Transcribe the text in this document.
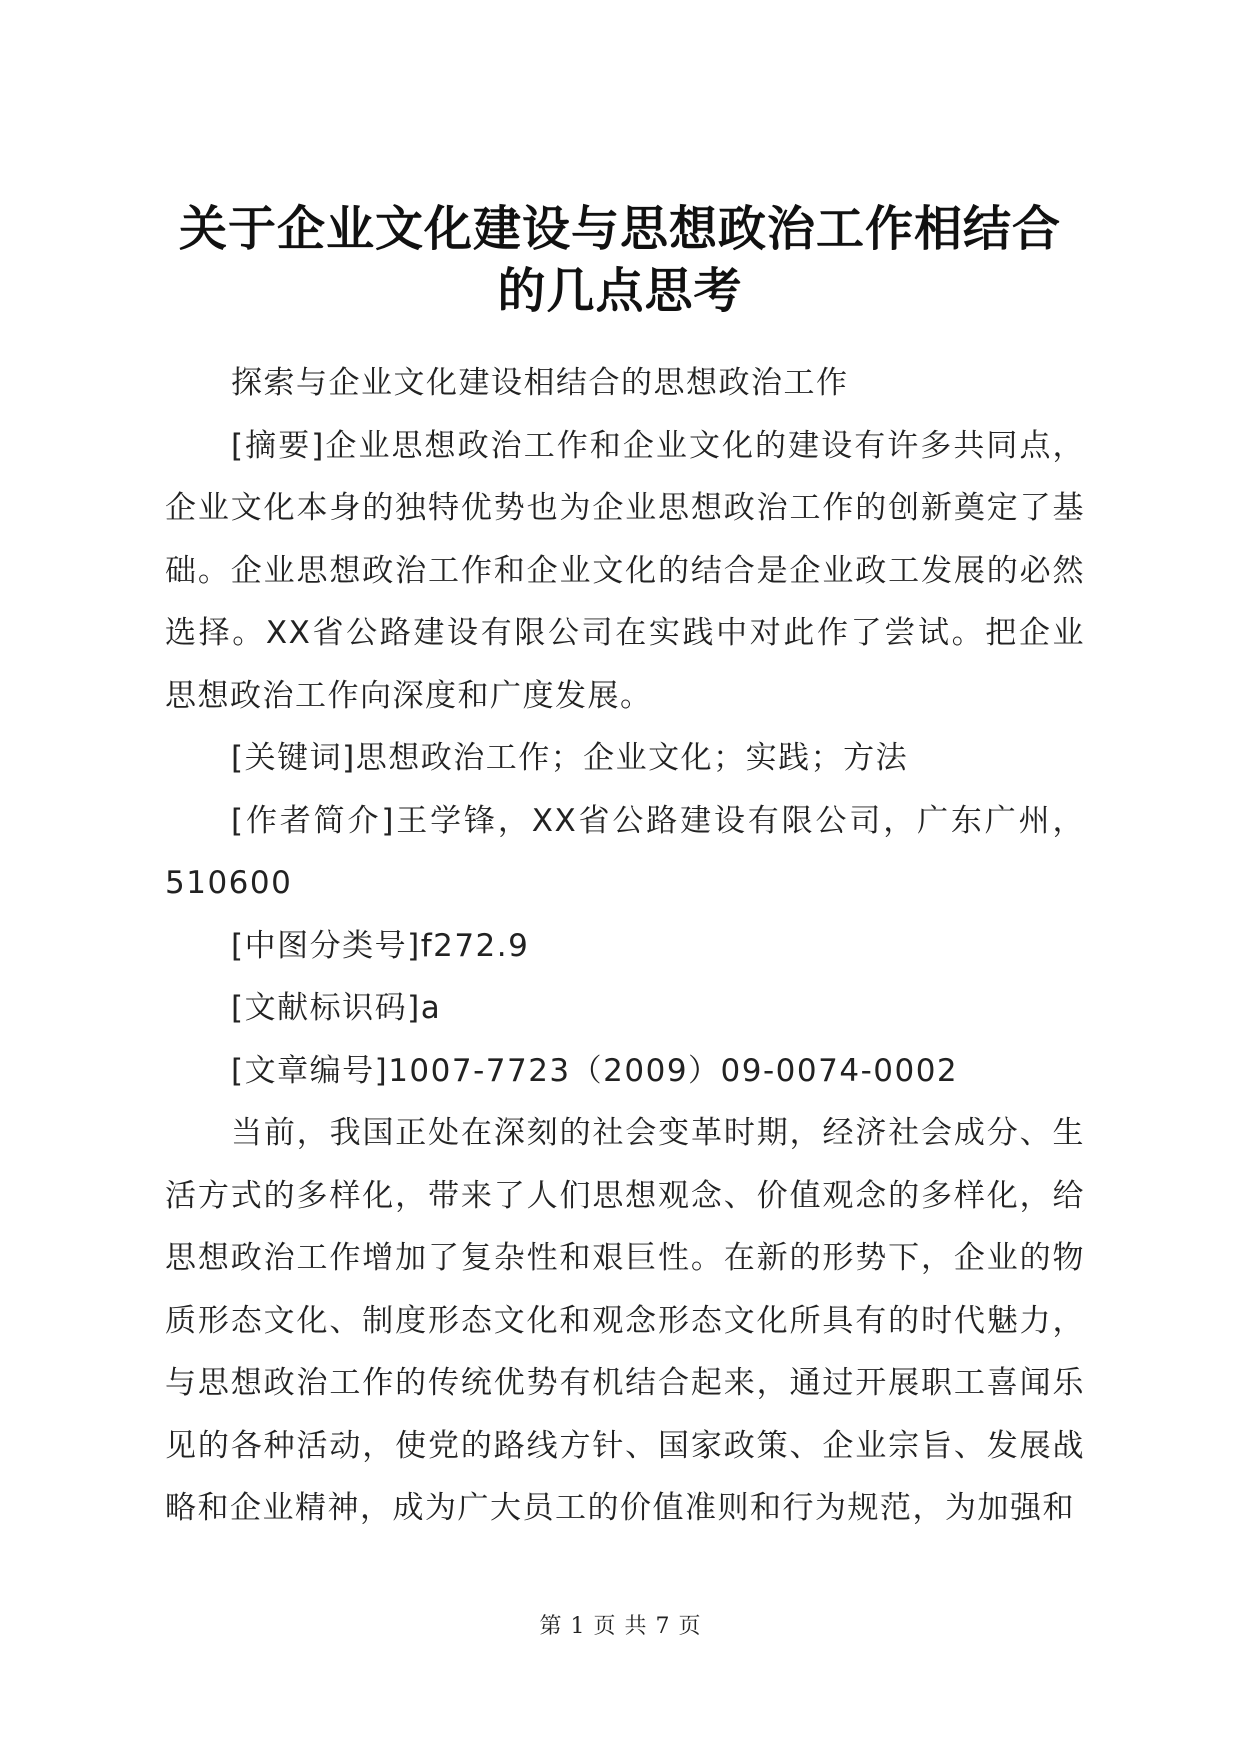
关于企业文化建设与思想政治工作相结合的几点思考

探索与企业文化建设相结合的思想政治工作

[摘要]企业思想政治工作和企业文化的建设有许多共同点，企业文化本身的独特优势也为企业思想政治工作的创新奠定了基础。企业思想政治工作和企业文化的结合是企业政工发展的必然选择。XX省公路建设有限公司在实践中对此作了尝试。把企业思想政治工作向深度和广度发展。

[关键词]思想政治工作；企业文化；实践；方法

[作者简介]王学锋，XX省公路建设有限公司，广东广州，510600

[中图分类号]f272.9

[文献标识码]a

[文章编号]1007-7723（2009）09-0074-0002

当前，我国正处在深刻的社会变革时期，经济社会成分、生活方式的多样化，带来了人们思想观念、价值观念的多样化，给思想政治工作增加了复杂性和艰巨性。在新的形势下，企业的物质形态文化、制度形态文化和观念形态文化所具有的时代魅力，与思想政治工作的传统优势有机结合起来，通过开展职工喜闻乐见的各种活动，使党的路线方针、国家政策、企业宗旨、发展战略和企业精神，成为广大员工的价值准则和行为规范，为加强和

第 1 页 共 7 页
